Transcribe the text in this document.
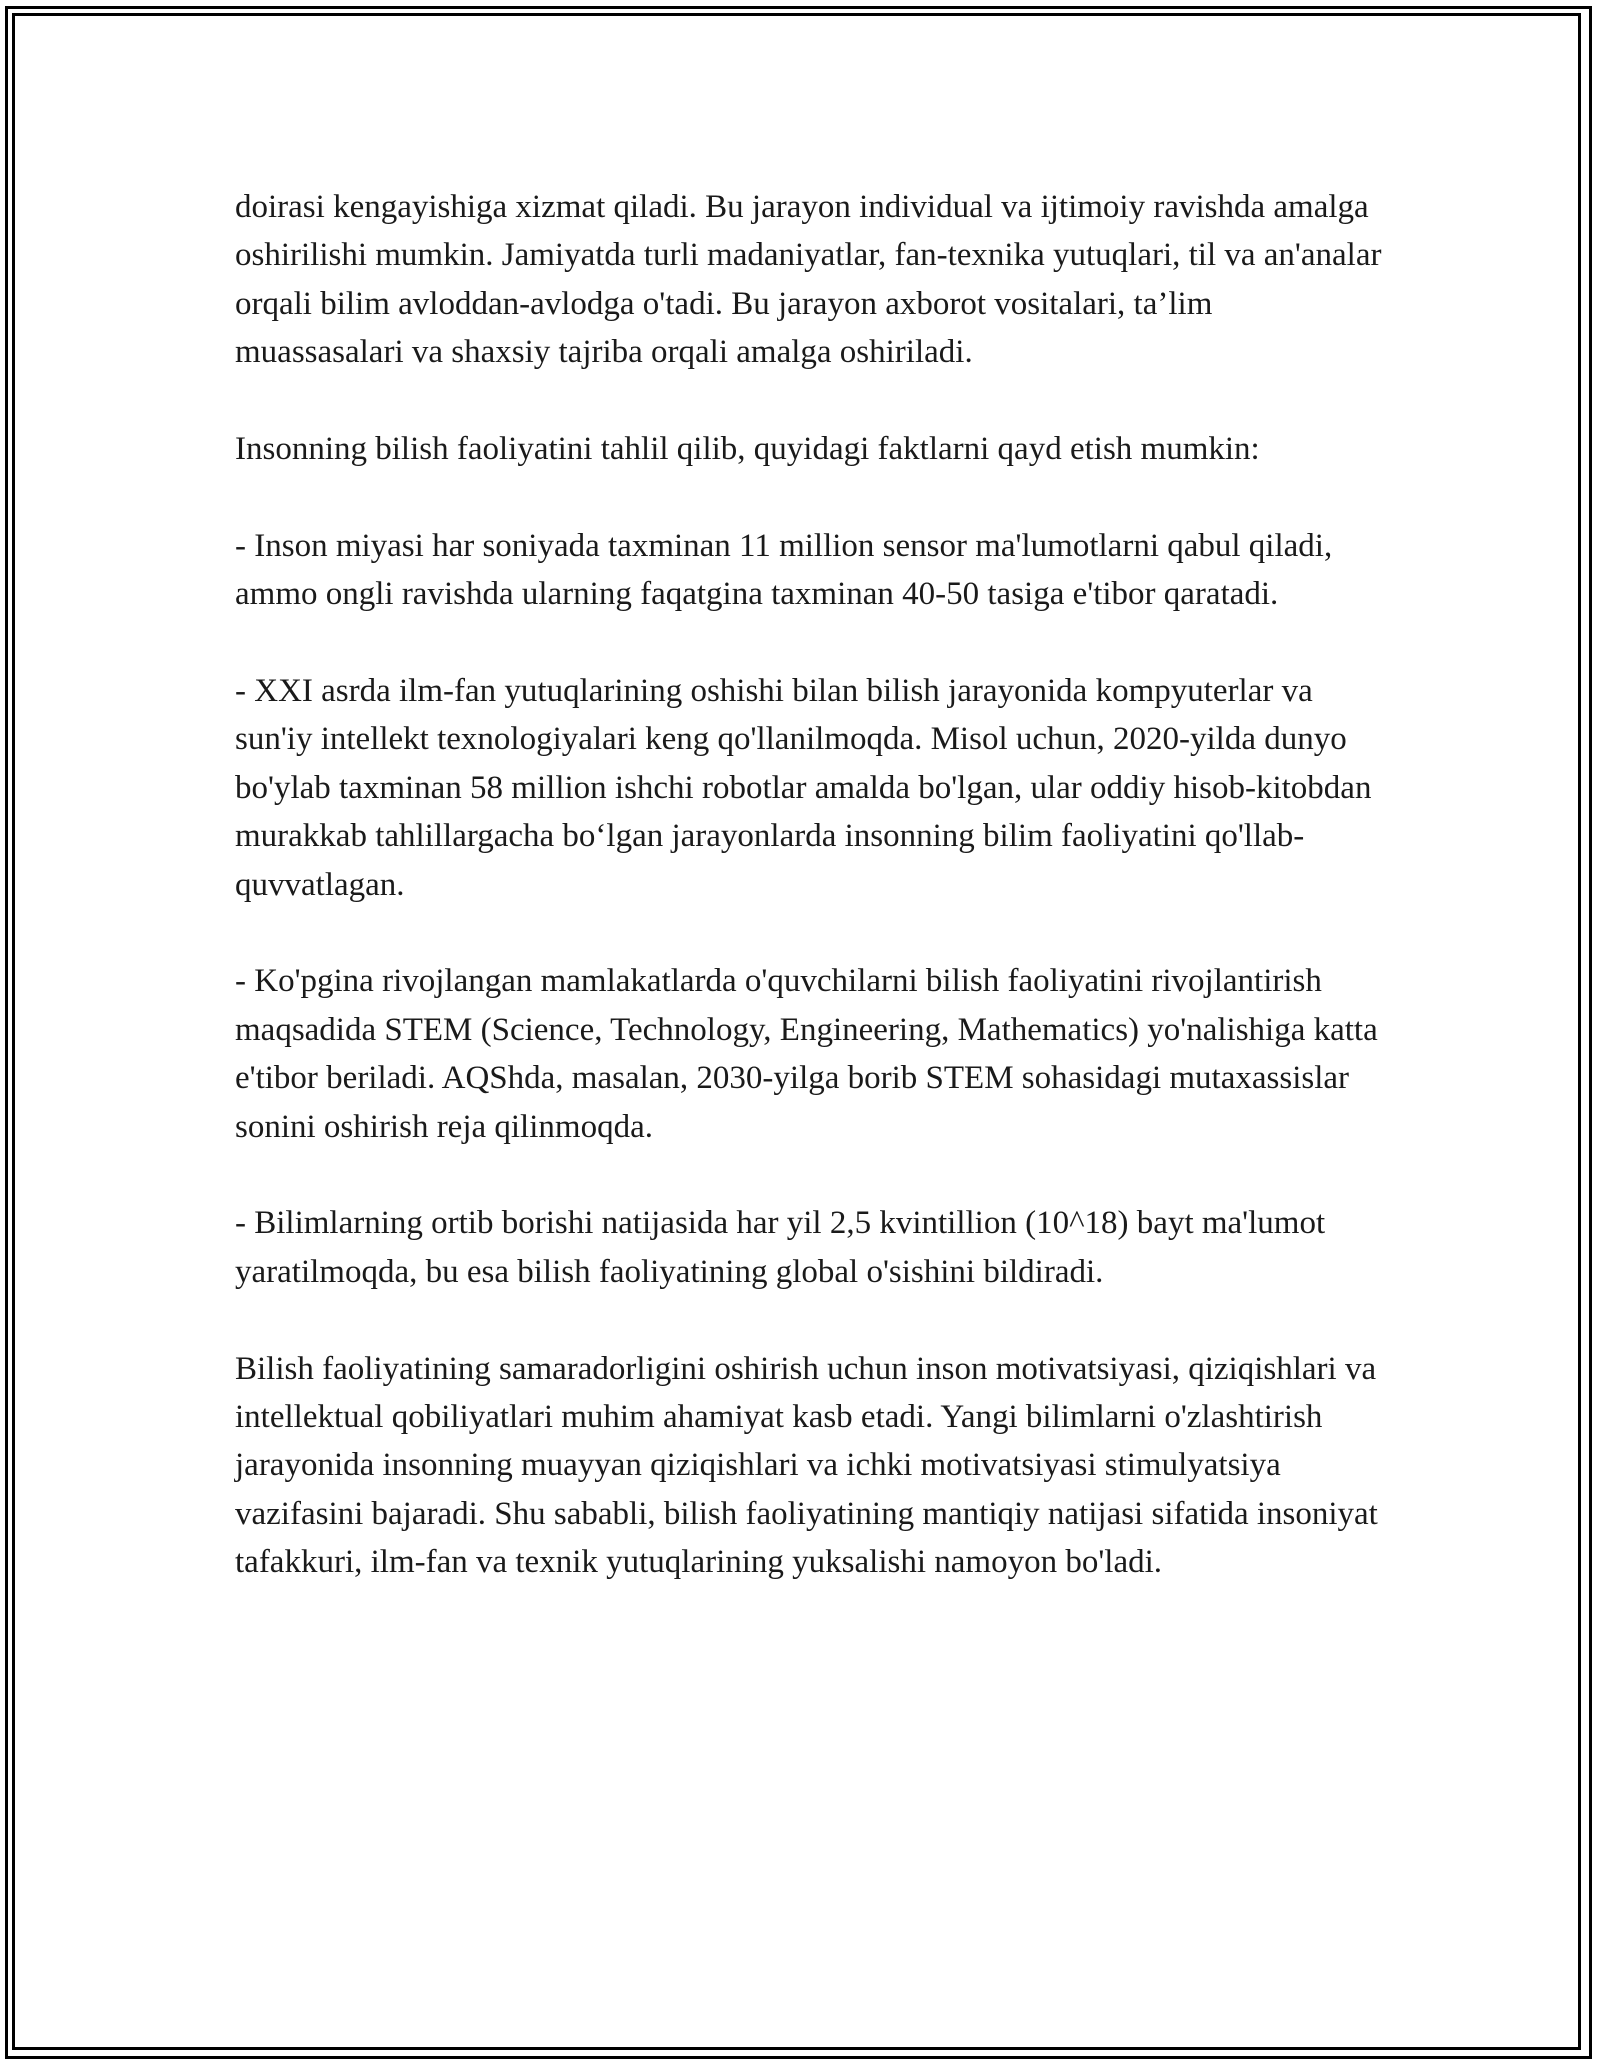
doirasi kengayishiga xizmat qiladi. Bu jarayon individual va ijtimoiy ravishda amalga oshirilishi mumkin. Jamiyatda turli madaniyatlar, fan-texnika yutuqlari, til va an'analar orqali bilim avloddan-avlodga o'tadi. Bu jarayon axborot vositalari, ta’lim muassasalari va shaxsiy tajriba orqali amalga oshiriladi.

Insonning bilish faoliyatini tahlil qilib, quyidagi faktlarni qayd etish mumkin:

- Inson miyasi har soniyada taxminan 11 million sensor ma'lumotlarni qabul qiladi, ammo ongli ravishda ularning faqatgina taxminan 40-50 tasiga e'tibor qaratadi.

- XXI asrda ilm-fan yutuqlarining oshishi bilan bilish jarayonida kompyuterlar va sun'iy intellekt texnologiyalari keng qo'llanilmoqda. Misol uchun, 2020-yilda dunyo bo'ylab taxminan 58 million ishchi robotlar amalda bo'lgan, ular oddiy hisob-kitobdan murakkab tahlillargacha bo‘lgan jarayonlarda insonning bilim faoliyatini qo'llab-quvvatlagan.

- Ko'pgina rivojlangan mamlakatlarda o'quvchilarni bilish faoliyatini rivojlantirish maqsadida STEM (Science, Technology, Engineering, Mathematics) yo'nalishiga katta e'tibor beriladi. AQShda, masalan, 2030-yilga borib STEM sohasidagi mutaxassislar sonini oshirish reja qilinmoqda.

- Bilimlarning ortib borishi natijasida har yil 2,5 kvintillion (10^18) bayt ma'lumot yaratilmoqda, bu esa bilish faoliyatining global o'sishini bildiradi.

Bilish faoliyatining samaradorligini oshirish uchun inson motivatsiyasi, qiziqishlari va intellektual qobiliyatlari muhim ahamiyat kasb etadi. Yangi bilimlarni o'zlashtirish jarayonida insonning muayyan qiziqishlari va ichki motivatsiyasi stimulyatsiya vazifasini bajaradi. Shu sababli, bilish faoliyatining mantiqiy natijasi sifatida insoniyat tafakkuri, ilm-fan va texnik yutuqlarining yuksalishi namoyon bo'ladi.
